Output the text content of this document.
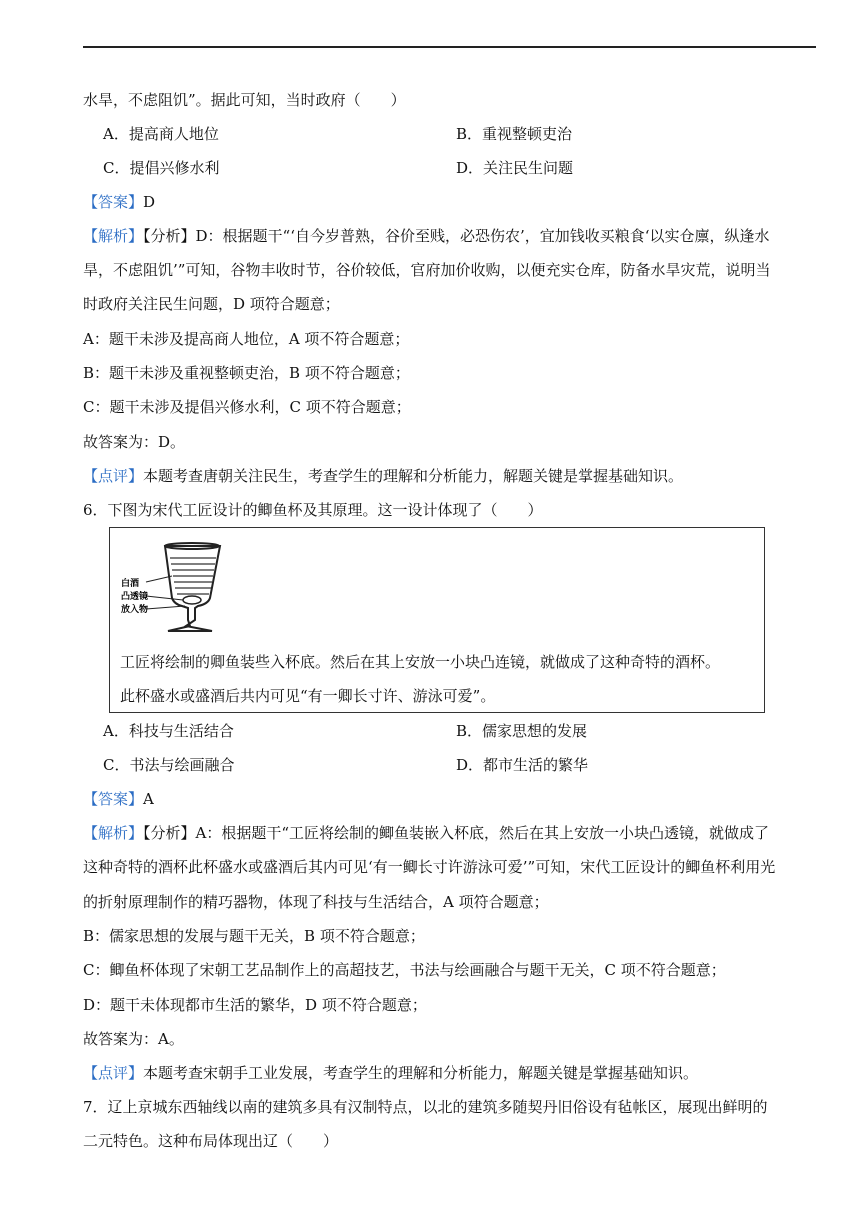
水旱，不虑阻饥”。据此可知，当时政府（　　）
A．提高商人地位	B．重视整顿吏治
C．提倡兴修水利	D．关注民生问题
【答案】D
【解析】【分析】D：根据题干“‘自今岁普熟，谷价至贱，必恐伤农’，宜加钱收买粮食‘以实仓廪，纵逢水
旱，不虑阻饥’”可知，谷物丰收时节，谷价较低，官府加价收购，以便充实仓库，防备水旱灾荒，说明当
时政府关注民生问题，D 项符合题意；
A：题干未涉及提高商人地位，A 项不符合题意；
B：题干未涉及重视整顿吏治，B 项不符合题意；
C：题干未涉及提倡兴修水利，C 项不符合题意；
故答案为：D。
【点评】本题考查唐朝关注民生，考查学生的理解和分析能力，解题关键是掌握基础知识。
6．下图为宋代工匠设计的鲫鱼杯及其原理。这一设计体现了（　　）
白酒
凸透镜
放入物
工匠将绘制的卿鱼装些入杯底。然后在其上安放一小块凸连镜，就做成了这种奇特的酒杯。
此杯盛水或盛酒后共内可见“有一卿长寸许、游泳可爱”。
A．科技与生活结合	B．儒家思想的发展
C．书法与绘画融合	D．都市生活的繁华
【答案】A
【解析】【分析】A：根据题干“工匠将绘制的鲫鱼装嵌入杯底，然后在其上安放一小块凸透镜，就做成了
这种奇特的酒杯此杯盛水或盛酒后其内可见‘有一鲫长寸许游泳可爱’”可知，宋代工匠设计的鲫鱼杯利用光
的折射原理制作的精巧器物，体现了科技与生活结合，A 项符合题意；
B：儒家思想的发展与题干无关，B 项不符合题意；
C：鲫鱼杯体现了宋朝工艺品制作上的高超技艺，书法与绘画融合与题干无关，C 项不符合题意；
D：题干未体现都市生活的繁华，D 项不符合题意；
故答案为：A。
【点评】本题考查宋朝手工业发展，考查学生的理解和分析能力，解题关键是掌握基础知识。
7．辽上京城东西轴线以南的建筑多具有汉制特点，以北的建筑多随契丹旧俗设有毡帐区，展现出鲜明的
二元特色。这种布局体现出辽（　　）
